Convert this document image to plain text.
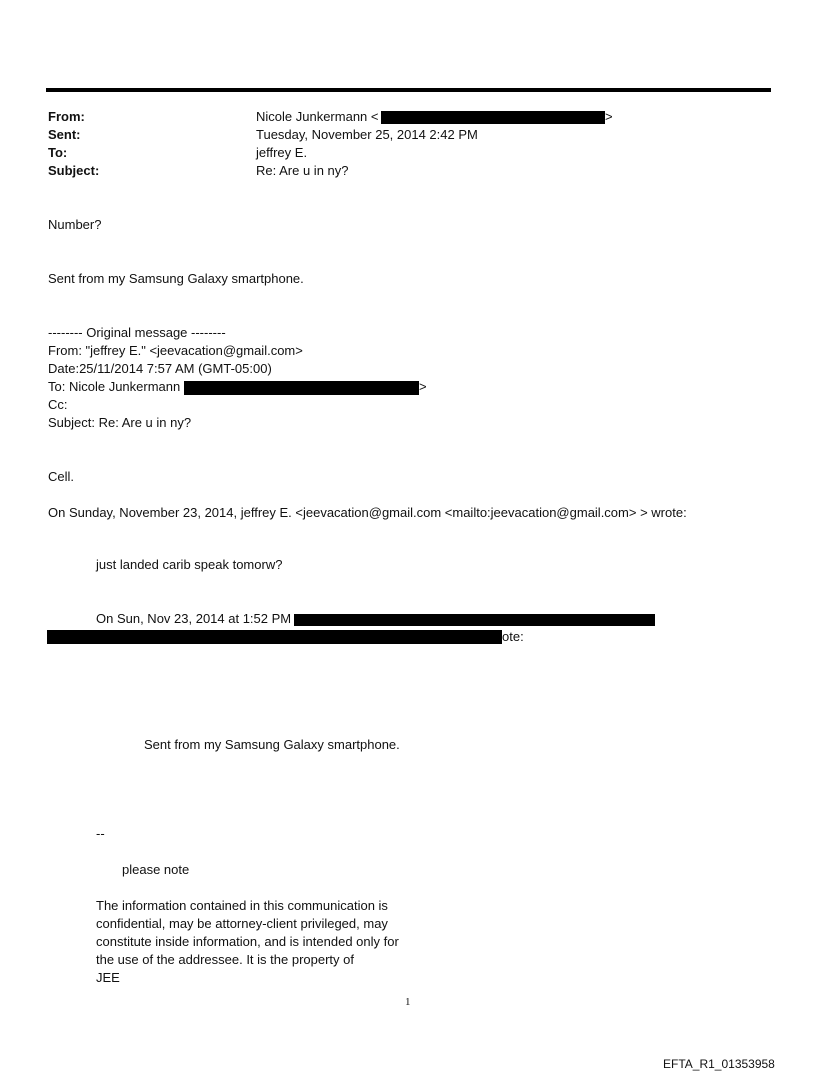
From:	Nicole Junkermann <	>
Sent:	Tuesday, November 25, 2014 2:42 PM
To:	jeffrey E.
Subject:	Re: Are u in ny?
Number?
Sent from my Samsung Galaxy smartphone.
-------- Original message --------
From: "jeffrey E." <jeevacation@gmail.com>
Date:25/11/2014 7:57 AM (GMT-05:00)
To: Nicole Junkermann	>
Cc:
Subject: Re: Are u in ny?
Cell.
On Sunday, November 23, 2014, jeffrey E. <jeevacation@gmail.com <mailto:jeevacation@gmail.com> > wrote:
just landed carib speak tomorw?
On Sun, Nov 23, 2014 at 1:52 PM
ote:
Sent from my Samsung Galaxy smartphone.
--
please note
The information contained in this communication is
confidential, may be attorney-client privileged, may
constitute inside information, and is intended only for
the use of the addressee. It is the property of
JEE
1
EFTA_R1_01353958
